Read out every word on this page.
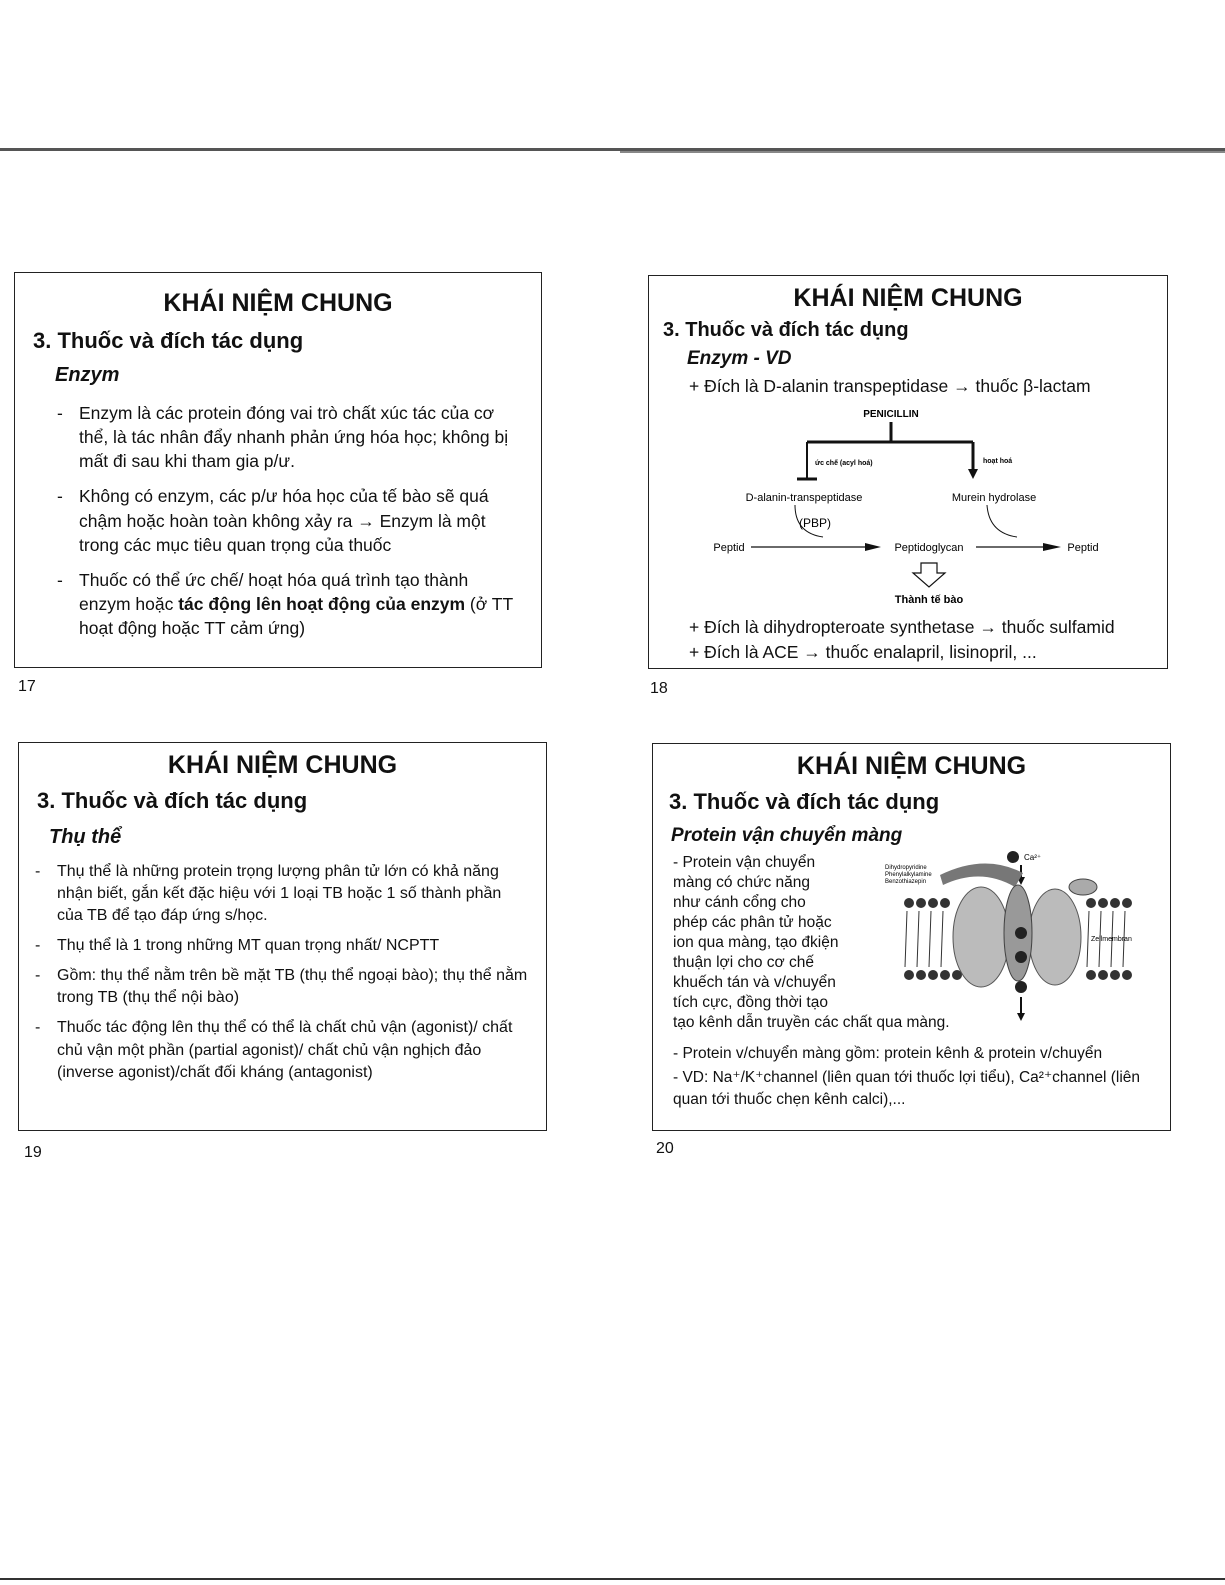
KHÁI NIỆM CHUNG
3. Thuốc và đích tác dụng
Enzym
- Enzym là các protein đóng vai trò chất xúc tác của cơ thể, là tác nhân đẩy nhanh phản ứng hóa học; không bị mất đi sau khi tham gia p/ư.
- Không có enzym, các p/ư hóa học của tế bào sẽ quá chậm hoặc hoàn toàn không xảy ra → Enzym là một trong các mục tiêu quan trọng của thuốc
- Thuốc có thể ức chế/ hoạt hóa quá trình tạo thành enzym hoặc tác động lên hoạt động của enzym (ở TT hoạt động hoặc TT cảm ứng)
17
KHÁI NIỆM CHUNG
3. Thuốc và đích tác dụng
Enzym - VD

+ Đích là D-alanin transpeptidase → thuốc β-lactam

PENICILLIN
ức chế (acyl hoá)	hoạt hoá
D-alanin-transpeptidase	Murein hydrolase
(PBP)
Peptid	Peptidoglycan	Peptid
Thành tế bào

+ Đích là dihydropteroate synthetase → thuốc sulfamid

+ Đích là ACE → thuốc enalapril, lisinopril, ...

18
KHÁI NIỆM CHUNG
3. Thuốc và đích tác dụng
Thụ thể
- Thụ thể là những protein trọng lượng phân tử lớn có khả năng nhận biết, gắn kết đặc hiệu với 1 loại TB hoặc 1 số thành phần của TB để tạo đáp ứng s/học.
- Thụ thể là 1 trong những MT quan trọng nhất/ NCPTT
- Gồm: thụ thể nằm trên bề mặt TB (thụ thể ngoại bào); thụ thể nằm trong TB (thụ thể nội bào)
- Thuốc tác động lên thụ thể có thể là chất chủ vận (agonist)/ chất chủ vận một phần (partial agonist)/ chất chủ vận nghịch đảo (inverse agonist)/chất đối kháng (antagonist)
19
KHÁI NIỆM CHUNG
3. Thuốc và đích tác dụng
Protein vận chuyển màng
- Protein vận chuyển
màng có chức năng
như cánh cổng cho
phép các phân tử hoặc
ion qua màng, tạo đkiện
thuận lợi cho cơ chế
khuếch tán và v/chuyển
tích cực, đồng thời tạo
tạo kênh dẫn truyền các chất qua màng.
Ca²⁺
Dihydropyridine
Phenylalkylamine
Benzothiazepin
Zellmembran

- Protein v/chuyển màng gồm: protein kênh & protein v/chuyển

- VD: Na⁺/K⁺channel (liên quan tới thuốc lợi tiểu), Ca²⁺channel (liên quan tới thuốc chẹn kênh calci),...

20
